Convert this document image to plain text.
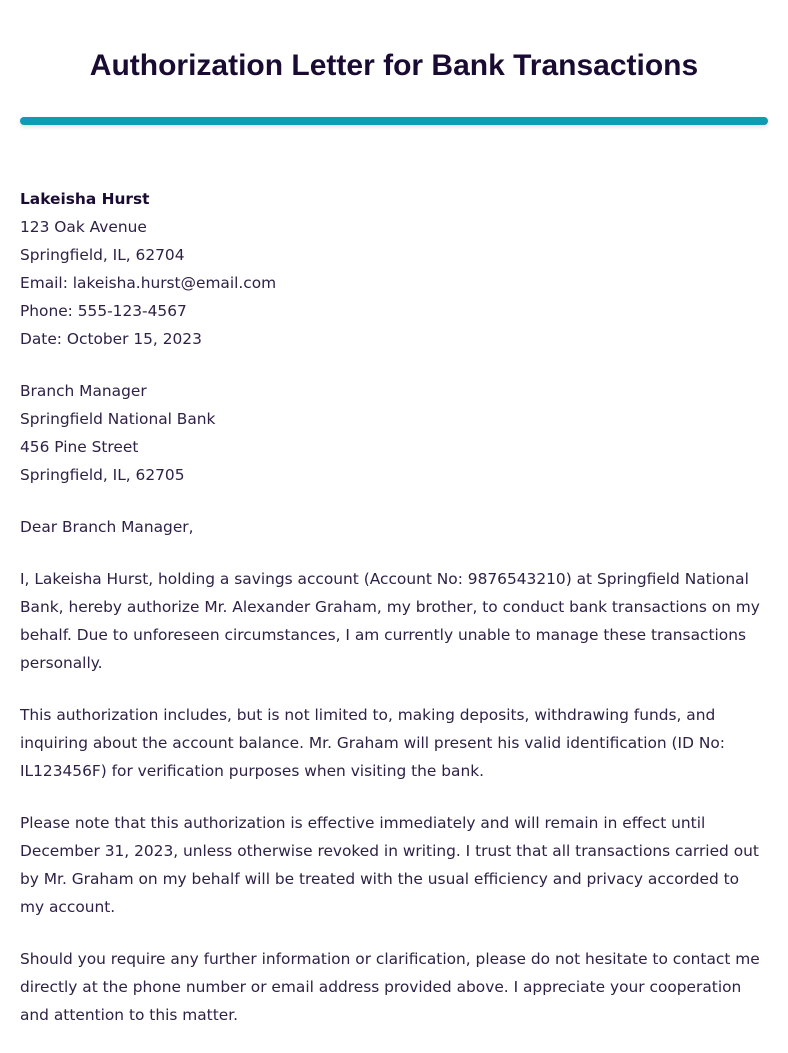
Authorization Letter for Bank Transactions
Lakeisha Hurst
123 Oak Avenue
Springfield, IL, 62704
Email: lakeisha.hurst@email.com
Phone: 555-123-4567
Date: October 15, 2023
Branch Manager
Springfield National Bank
456 Pine Street
Springfield, IL, 62705

Dear Branch Manager,

I, Lakeisha Hurst, holding a savings account (Account No: 9876543210) at Springfield National Bank, hereby authorize Mr. Alexander Graham, my brother, to conduct bank transactions on my behalf. Due to unforeseen circumstances, I am currently unable to manage these transactions personally.

This authorization includes, but is not limited to, making deposits, withdrawing funds, and inquiring about the account balance. Mr. Graham will present his valid identification (ID No: IL123456F) for verification purposes when visiting the bank.

Please note that this authorization is effective immediately and will remain in effect until December 31, 2023, unless otherwise revoked in writing. I trust that all transactions carried out by Mr. Graham on my behalf will be treated with the usual efficiency and privacy accorded to my account.

Should you require any further information or clarification, please do not hesitate to contact me directly at the phone number or email address provided above. I appreciate your cooperation and attention to this matter.
